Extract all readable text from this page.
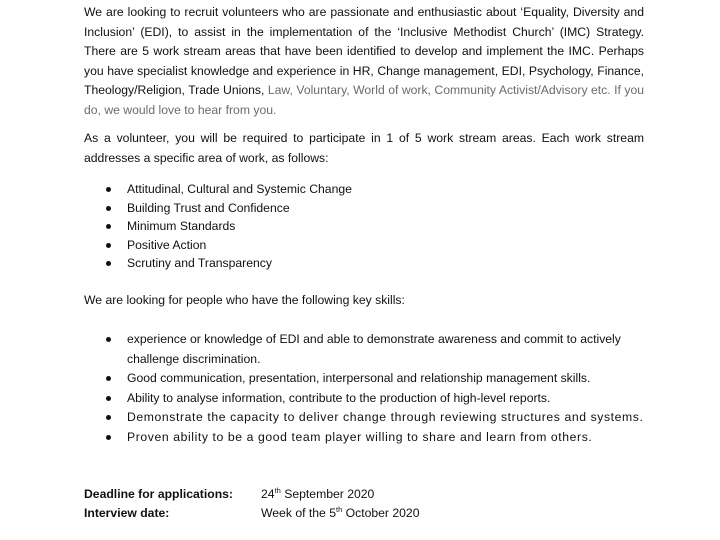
We are looking to recruit volunteers who are passionate and enthusiastic about ‘Equality, Diversity and Inclusion’ (EDI), to assist in the implementation of the ‘Inclusive Methodist Church’ (IMC) Strategy. There are 5 work stream areas that have been identified to develop and implement the IMC. Perhaps you have specialist knowledge and experience in HR, Change management, EDI, Psychology, Finance, Theology/Religion, Trade Unions, Law, Voluntary, World of work, Community Activist/Advisory etc. If you do, we would love to hear from you.

As a volunteer, you will be required to participate in 1 of 5 work stream areas. Each work stream addresses a specific area of work, as follows:

Attitudinal, Cultural and Systemic Change
Building Trust and Confidence
Minimum Standards
Positive Action
Scrutiny and Transparency

We are looking for people who have the following key skills:

experience or knowledge of EDI and able to demonstrate awareness and commit to actively challenge discrimination.
Good communication, presentation, interpersonal and relationship management skills.
Ability to analyse information, contribute to the production of high-level reports.
Demonstrate the capacity to deliver change through reviewing structures and systems.
Proven ability to be a good team player willing to share and learn from others.
Deadline for applications: 24th September 2020
Interview date:	Week of the 5th October 2020
